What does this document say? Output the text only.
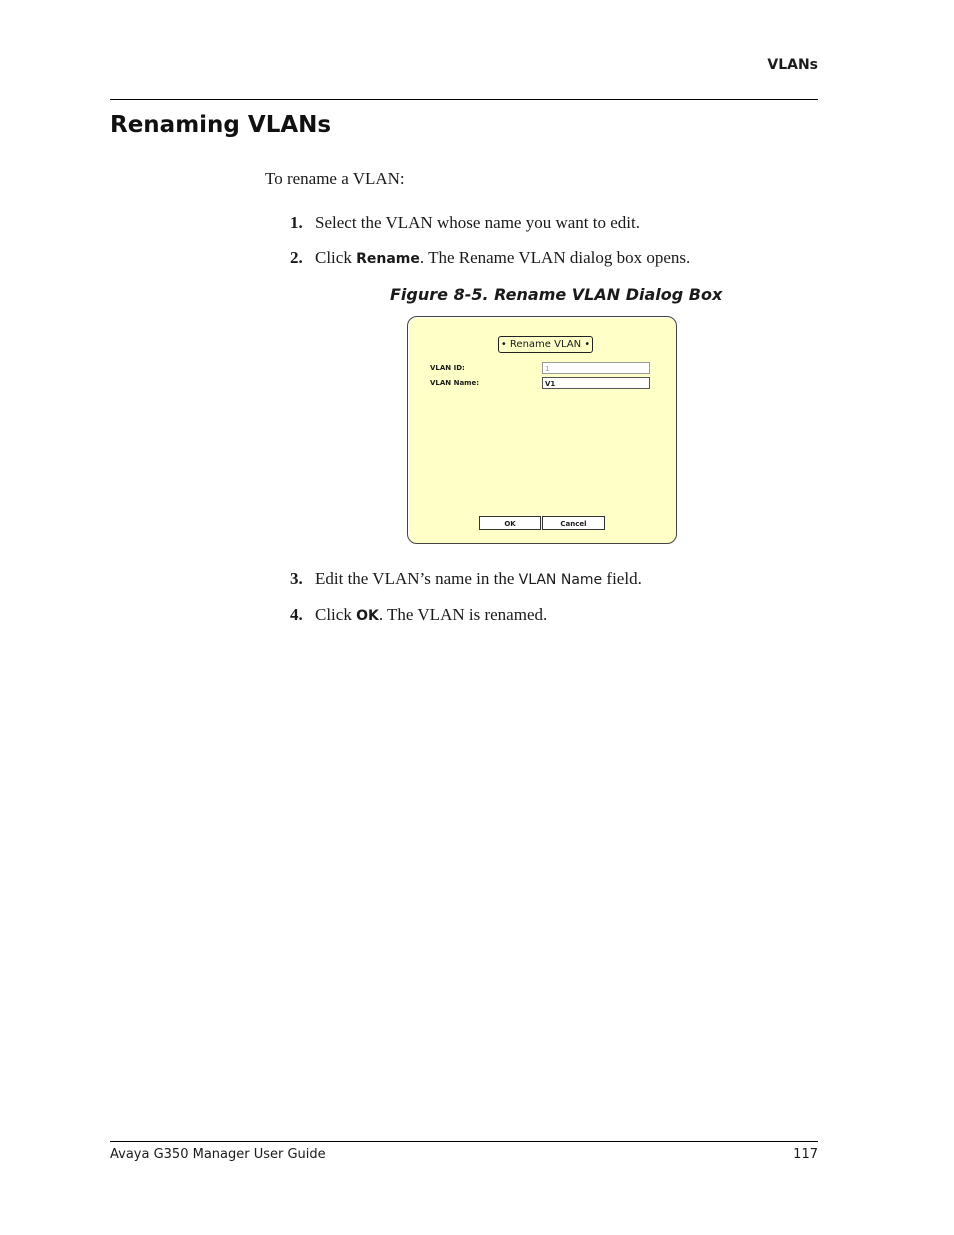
VLANs
Renaming VLANs

To rename a VLAN:

1. Select the VLAN whose name you want to edit.

2. Click Rename. The Rename VLAN dialog box opens.

Figure 8-5. Rename VLAN Dialog Box

• Rename VLAN •
VLAN ID:	1
VLAN Name:	V1
OK	Cancel

3. Edit the VLAN’s name in the VLAN Name field.

4. Click OK. The VLAN is renamed.

Avaya G350 Manager User Guide	117
